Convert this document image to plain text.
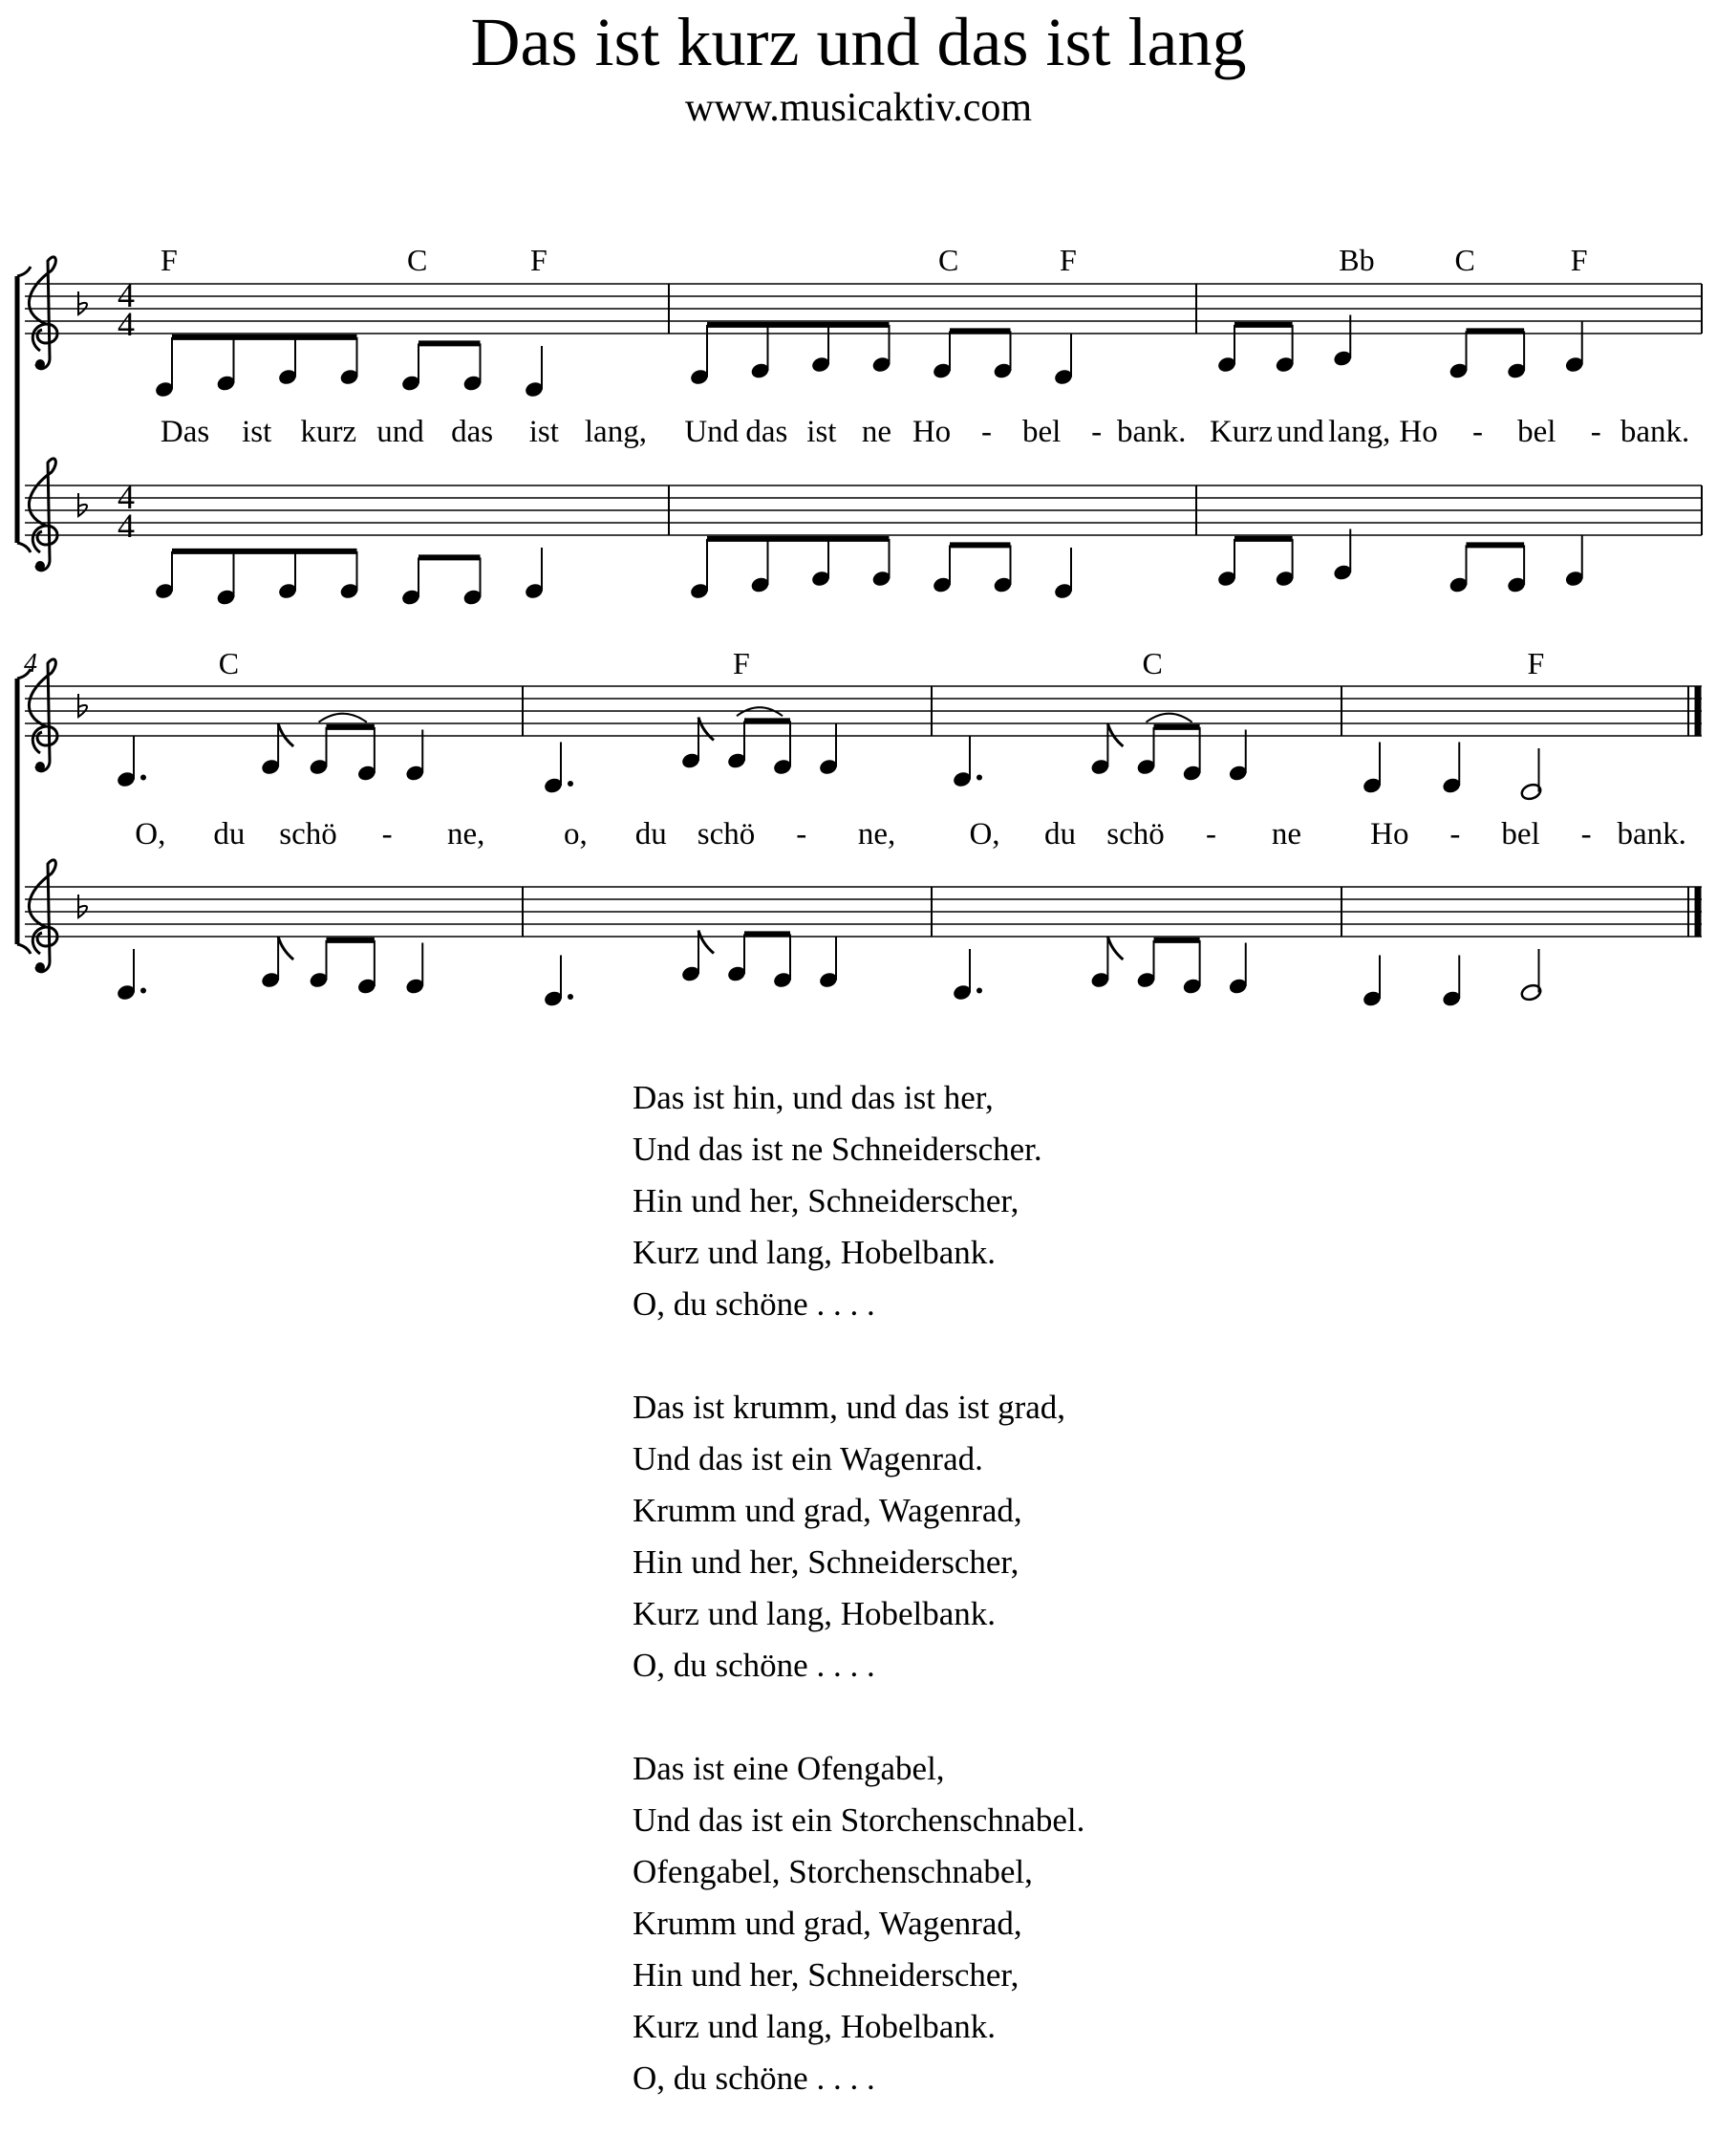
Das ist kurz und das ist lang
www.musicaktiv.com
4
4
4
4
F	C	F
Das ist kurz und das ist lang,
C	F
Und das ist ne Ho - bel - bank.
Bb	C	F
Kurz und lang, Ho - bel - bank.
4	C
O, du schö - ne,
F
o, du schö - ne,
C
O, du schö - ne
F
Ho - bel - bank.
Das ist hin, und das ist her,
Und das ist ne Schneiderscher.
Hin und her, Schneiderscher,
Kurz und lang, Hobelbank.
O, du schöne . . . .
Das ist krumm, und das ist grad,
Und das ist ein Wagenrad.
Krumm und grad, Wagenrad,
Hin und her, Schneiderscher,
Kurz und lang, Hobelbank.
O, du schöne . . . .
Das ist eine Ofengabel,
Und das ist ein Storchenschnabel.
Ofengabel, Storchenschnabel,
Krumm und grad, Wagenrad,
Hin und her, Schneiderscher,
Kurz und lang, Hobelbank.
O, du schöne . . . .
